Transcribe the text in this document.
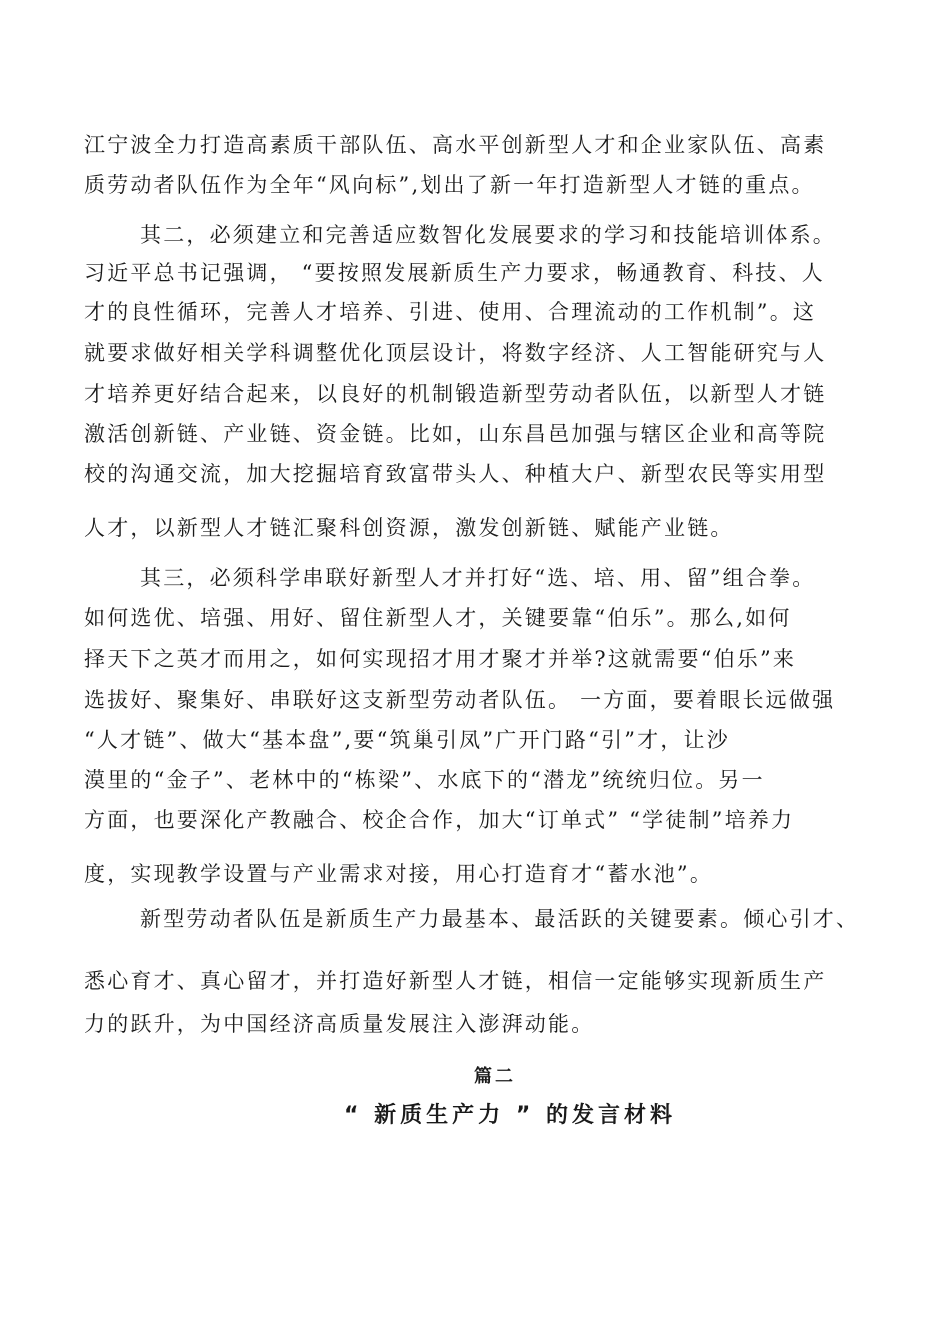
江宁波全力打造高素质干部队伍、高水平创新型人才和企业家队伍、高素
质劳动者队伍作为全年“风向标”,划出了新一年打造新型人才链的重点。
其二，必须建立和完善适应数智化发展要求的学习和技能培训体系。
习近平总书记强调， “要按照发展新质生产力要求，畅通教育、科技、人
才的良性循环，完善人才培养、引进、使用、合理流动的工作机制”。这
就要求做好相关学科调整优化顶层设计，将数字经济、人工智能研究与人
才培养更好结合起来，以良好的机制锻造新型劳动者队伍，以新型人才链
激活创新链、产业链、资金链。比如，山东昌邑加强与辖区企业和高等院
校的沟通交流，加大挖掘培育致富带头人、种植大户、新型农民等实用型
人才，以新型人才链汇聚科创资源，激发创新链、赋能产业链。
其三，必须科学串联好新型人才并打好“选、培、用、留”组合拳。
如何选优、培强、用好、留住新型人才，关键要靠“伯乐”。那么,如何
择天下之英才而用之，如何实现招才用才聚才并举?这就需要“伯乐”来
选拔好、聚集好、串联好这支新型劳动者队伍。 一方面，要着眼长远做强
“人才链”、做大“基本盘”,要“筑巢引凤”广开门路“引”才，让沙
漠里的“金子”、老林中的“栋梁”、水底下的“潜龙”统统归位。另一
方面，也要深化产教融合、校企合作，加大“订单式” “学徒制”培养力
度，实现教学设置与产业需求对接，用心打造育才“蓄水池”。
新型劳动者队伍是新质生产力最基本、最活跃的关键要素。倾心引才、
悉心育才、真心留才，并打造好新型人才链，相信一定能够实现新质生产
力的跃升，为中国经济高质量发展注入澎湃动能。
篇二
“ 新质生产力 ” 的发言材料
